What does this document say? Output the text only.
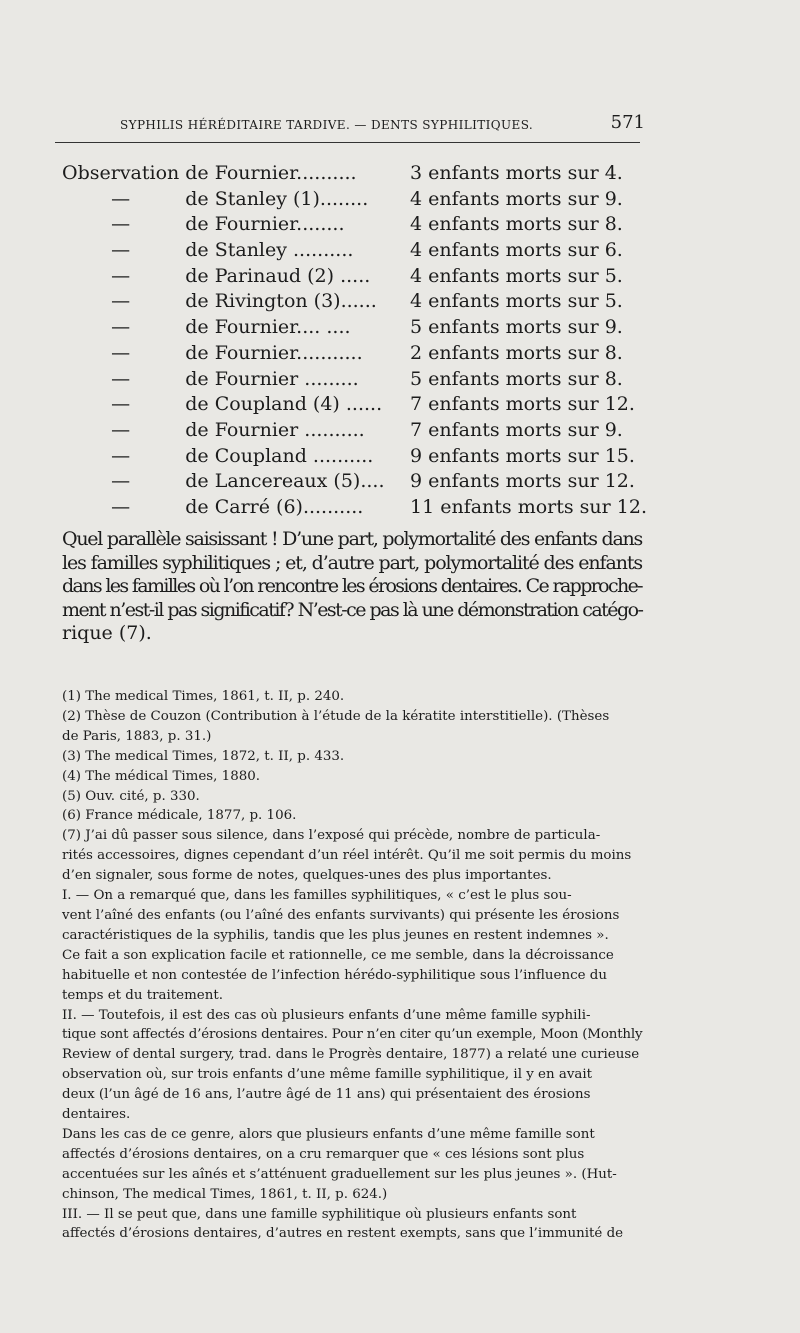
SYPHILIS HÉRÉDITAIRE TARDIVE. — DENTS SYPHILITIQUES.	571
Observation de Fournier..........	3 enfants morts sur 4.
—	de Stanley (1)........ 4 enfants morts sur 9.
—	de Fournier........	4 enfants morts sur 8.
—	de Stanley ..........	4 enfants morts sur 6.
—	de Parinaud (2) ..... 4 enfants morts sur 5.
—	de Rivington (3)...... 4 enfants morts sur 5.
—	de Fournier.... ....	5 enfants morts sur 9.
—	de Fournier........... 2 enfants morts sur 8.
—	de Fournier .........	5 enfants morts sur 8.
—	de Coupland (4) ...... 7 enfants morts sur 12.
—	de Fournier .......... 7 enfants morts sur 9.
—	de Coupland .......... 9 enfants morts sur 15.
—	de Lancereaux (5).... 9 enfants morts sur 12.
—	de Carré (6).......... 11 enfants morts sur 12.
Quel parallèle saisissant ! D’une part, polymortalité des enfants dans
les familles syphilitiques ; et, d’autre part, polymortalité des enfants
dans les familles où l’on rencontre les érosions dentaires. Ce rapproche-
ment n’est-il pas significatif? N’est-ce pas là une démonstration catégo-
rique (7).
(1) The medical Times, 1861, t. II, p. 240.
(2) Thèse de Couzon (Contribution à l’étude de la kératite interstitielle). (Thèses
de Paris, 1883, p. 31.)
(3) The medical Times, 1872, t. II, p. 433.
(4) The médical Times, 1880.
(5) Ouv. cité, p. 330.
(6) France médicale, 1877, p. 106.
(7) J’ai dû passer sous silence, dans l’exposé qui précède, nombre de particula-
rités accessoires, dignes cependant d’un réel intérêt. Qu’il me soit permis du moins
d’en signaler, sous forme de notes, quelques-unes des plus importantes.
I. — On a remarqué que, dans les familles syphilitiques, « c’est le plus sou-
vent l’aîné des enfants (ou l’aîné des enfants survivants) qui présente les érosions
caractéristiques de la syphilis, tandis que les plus jeunes en restent indemnes ».
Ce fait a son explication facile et rationnelle, ce me semble, dans la décroissance
habituelle et non contestée de l’infection hérédo-syphilitique sous l’influence du
temps et du traitement.
II. — Toutefois, il est des cas où plusieurs enfants d’une même famille syphili-
tique sont affectés d’érosions dentaires. Pour n’en citer qu’un exemple, Moon (Monthly
Review of dental surgery, trad. dans le Progrès dentaire, 1877) a relaté une curieuse
observation où, sur trois enfants d’une même famille syphilitique, il y en avait
deux (l’un âgé de 16 ans, l’autre âgé de 11 ans) qui présentaient des érosions
dentaires.
Dans les cas de ce genre, alors que plusieurs enfants d’une même famille sont
affectés d’érosions dentaires, on a cru remarquer que « ces lésions sont plus
accentuées sur les aînés et s’atténuent graduellement sur les plus jeunes ». (Hut-
chinson, The medical Times, 1861, t. II, p. 624.)
III. — Il se peut que, dans une famille syphilitique où plusieurs enfants sont
affectés d’érosions dentaires, d’autres en restent exempts, sans que l’immunité de
